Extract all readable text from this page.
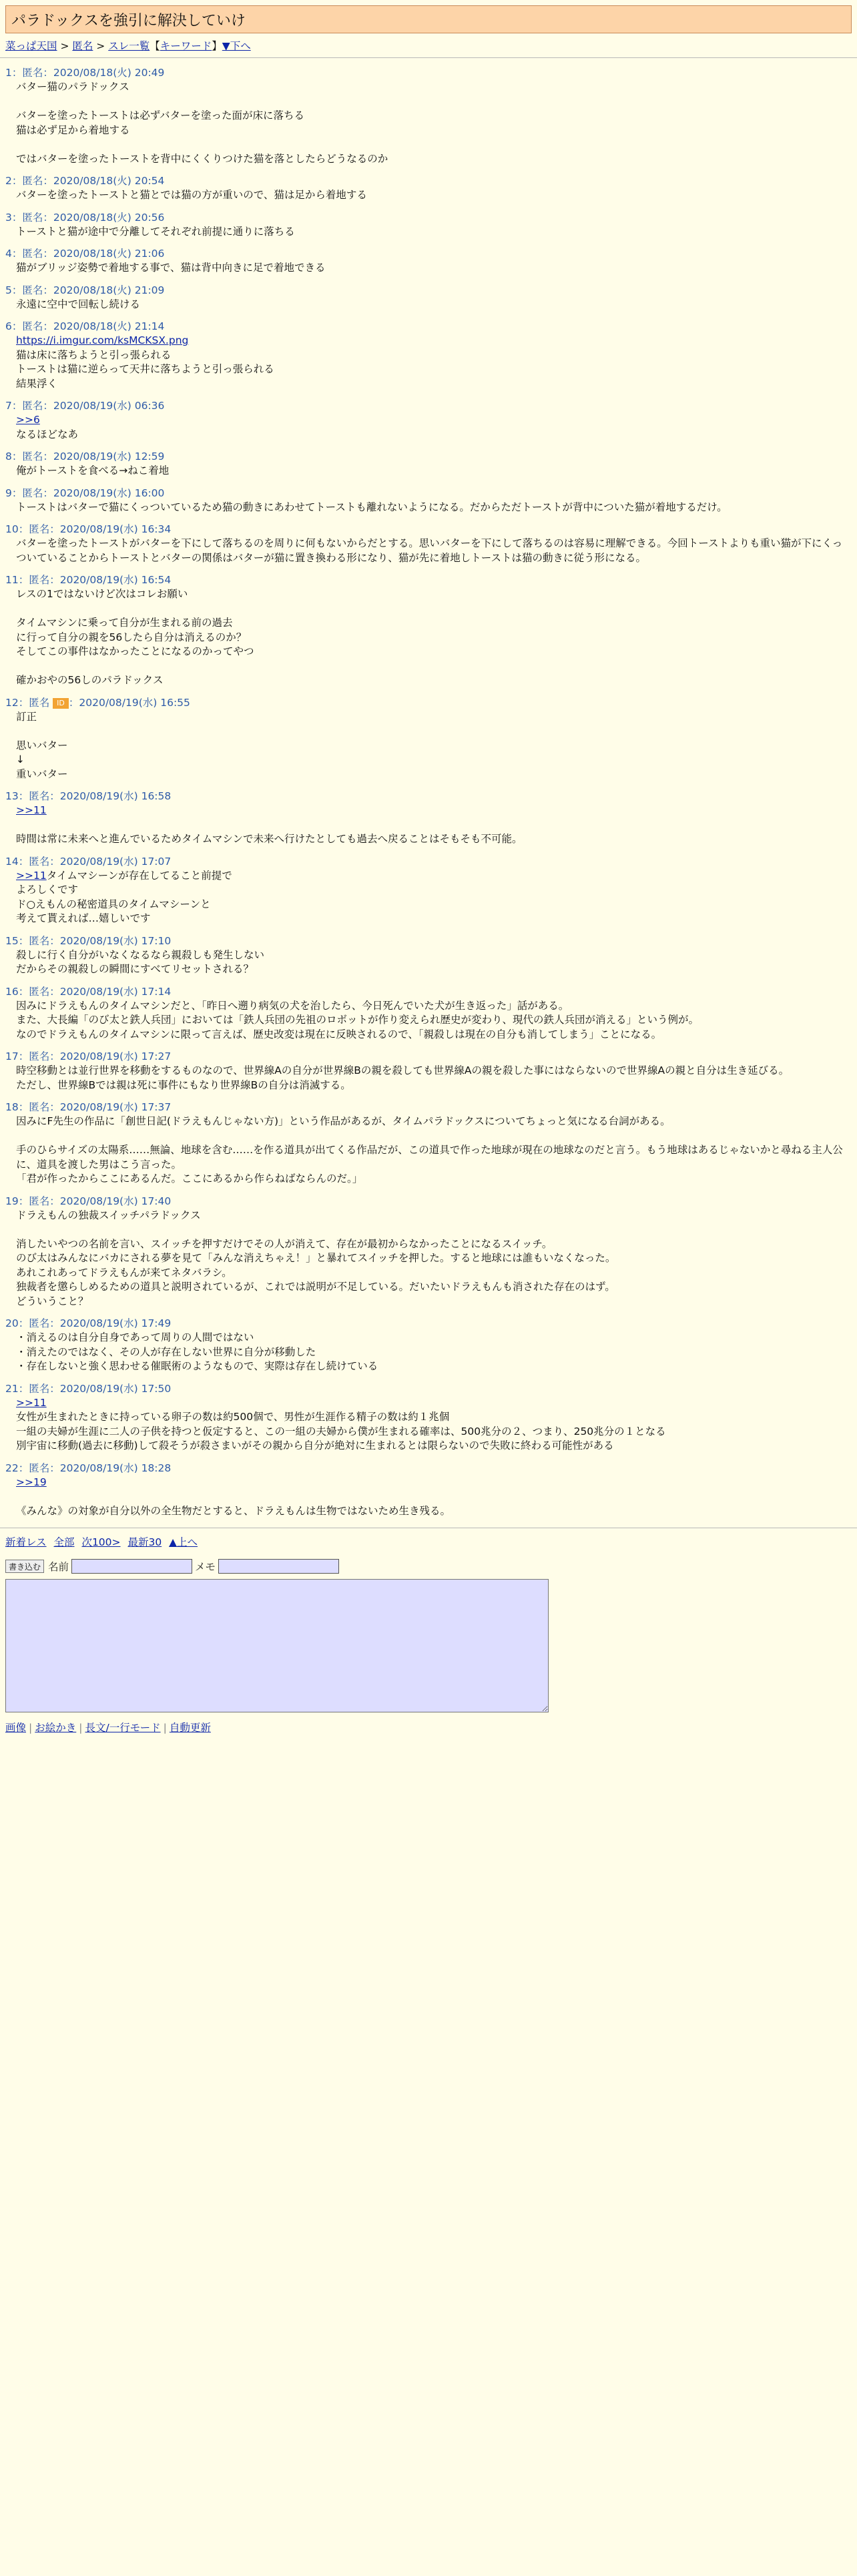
パラドックスを強引に解決していけ
菜っぱ天国 > 匿名 > スレ一覧【キーワード】▼下へ
1：匿名：2020/08/18(火) 20:49
バター猫のパラドックス
バターを塗ったトーストは必ずバターを塗った面が床に落ちる
猫は必ず足から着地する
ではバターを塗ったトーストを背中にくくりつけた猫を落としたらどうなるのか
2：匿名：2020/08/18(火) 20:54
バターを塗ったトーストと猫とでは猫の方が重いので、猫は足から着地する
3：匿名：2020/08/18(火) 20:56
トーストと猫が途中で分離してそれぞれ前提に通りに落ちる
4：匿名：2020/08/18(火) 21:06
猫がブリッジ姿勢で着地する事で、猫は背中向きに足で着地できる
5：匿名：2020/08/18(火) 21:09
永遠に空中で回転し続ける
6：匿名：2020/08/18(火) 21:14
https://i.imgur.com/ksMCKSX.png
猫は床に落ちようと引っ張られる
トーストは猫に逆らって天井に落ちようと引っ張られる
結果浮く
7：匿名：2020/08/19(水) 06:36
>>6
なるほどなあ
8：匿名：2020/08/19(水) 12:59
俺がトーストを食べる→ねこ着地
9：匿名：2020/08/19(水) 16:00
トーストはバターで猫にくっついているため猫の動きにあわせてトーストも離れないようになる。だからただトーストが背中についた猫が着地するだけ。
10：匿名：2020/08/19(水) 16:34
バターを塗ったトーストがバターを下にして落ちるのを周りに何もないからだとする。思いバターを下にして落ちるのは容易に理解できる。今回トーストよりも重い猫が下にくっついていることからトーストとバターの関係はバターが猫に置き換わる形になり、猫が先に着地しトーストは猫の動きに従う形になる。
11：匿名：2020/08/19(水) 16:54
レスの1ではないけど次はコレお願い
タイムマシンに乗って自分が生まれる前の過去
に行って自分の親を56したら自分は消えるのか？
そしてこの事件はなかったことになるのかってやつ
確かおやの56しのパラドックス
12：匿名 ID ：2020/08/19(水) 16:55
訂正
思いバター
↓
重いバター
13：匿名：2020/08/19(水) 16:58
>>11
時間は常に未来へと進んでいるためタイムマシンで未来へ行けたとしても過去へ戻ることはそもそも不可能。
14：匿名：2020/08/19(水) 17:07
>>11タイムマシーンが存在してること前提で
よろしくです
ド○えもんの秘密道具のタイムマシーンと
考えて貰えれば…嬉しいです
15：匿名：2020/08/19(水) 17:10
殺しに行く自分がいなくなるなら親殺しも発生しない
だからその親殺しの瞬間にすべてリセットされる？
16：匿名：2020/08/19(水) 17:14
因みにドラえもんのタイムマシンだと、「昨日へ遡り病気の犬を治したら、今日死んでいた犬が生き返った」話がある。
また、大長編「のび太と鉄人兵団」においては「鉄人兵団の先祖のロボットが作り変えられ歴史が変わり、現代の鉄人兵団が消える」という例が。
なのでドラえもんのタイムマシンに限って言えば、歴史改変は現在に反映されるので、「親殺しは現在の自分も消してしまう」ことになる。
17：匿名：2020/08/19(水) 17:27
時空移動とは並行世界を移動をするものなので、世界線Aの自分が世界線Bの親を殺しても世界線Aの親を殺した事にはならないので世界線Aの親と自分は生き延びる。
ただし、世界線Bでは親は死に事件にもなり世界線Bの自分は消滅する。
18：匿名：2020/08/19(水) 17:37
因みにF先生の作品に「創世日記(ドラえもんじゃない方)」という作品があるが、タイムパラドックスについてちょっと気になる台詞がある。
手のひらサイズの太陽系……無論、地球を含む……を作る道具が出てくる作品だが、この道具で作った地球が現在の地球なのだと言う。もう地球はあるじゃないかと尋ねる主人公に、道具を渡した男はこう言った。
「君が作ったからここにあるんだ。ここにあるから作らねばならんのだ。」
19：匿名：2020/08/19(水) 17:40
ドラえもんの独裁スイッチパラドックス
消したいやつの名前を言い、スイッチを押すだけでその人が消えて、存在が最初からなかったことになるスイッチ。
のび太はみんなにバカにされる夢を見て「みんな消えちゃえ！」と暴れてスイッチを押した。すると地球には誰もいなくなった。
あれこれあってドラえもんが来てネタバラシ。
独裁者を懲らしめるための道具と説明されているが、これでは説明が不足している。だいたいドラえもんも消された存在のはず。
どういうこと？
20：匿名：2020/08/19(水) 17:49
・消えるのは自分自身であって周りの人間ではない
・消えたのではなく、その人が存在しない世界に自分が移動した
・存在しないと強く思わせる催眠術のようなもので、実際は存在し続けている
21：匿名：2020/08/19(水) 17:50
>>11
女性が生まれたときに持っている卵子の数は約500個で、男性が生涯作る精子の数は約１兆個
一組の夫婦が生涯に二人の子供を持つと仮定すると、この一組の夫婦から僕が生まれる確率は、500兆分の２、つまり、250兆分の１となる
別宇宙に移動(過去に移動)して殺そうが殺さまいがその親から自分が絶対に生まれるとは限らないので失敗に終わる可能性がある
22：匿名：2020/08/19(水) 18:28
>>19
《みんな》の対象が自分以外の全生物だとすると、ドラえもんは生物ではないため生き残る。
新着レス 全部 次100> 最新30 ▲上へ
書き込む 名前	メモ
画像 | お絵かき | 長文/一行モード | 自動更新
